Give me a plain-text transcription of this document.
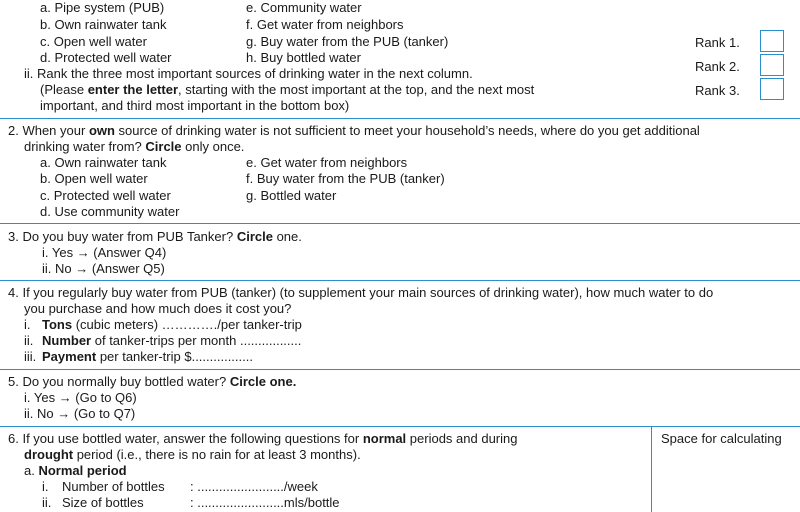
a. Pipe system (PUB)
b. Own rainwater tank
c. Open well water
d. Protected well water
e. Community water
f. Get water from neighbors
g. Buy water from the PUB (tanker)
h. Buy bottled water
ii. Rank the three most important sources of drinking water in the next column.
(Please enter the letter, starting with the most important at the top, and the next most
important, and third most important in the bottom box)
Rank 1.
Rank 2.
Rank 3.
2. When your own source of drinking water is not sufficient to meet your household’s needs, where do you get additional
drinking water from? Circle only once.
a. Own rainwater tank
b. Open well water
c. Protected well water
d. Use community water
e. Get water from neighbors
f. Buy water from the PUB (tanker)
g. Bottled water
3. Do you buy water from PUB Tanker? Circle one.
i. Yes → (Answer Q4)
ii. No → (Answer Q5)
4. If you regularly buy water from PUB (tanker) (to supplement your main sources of drinking water), how much water to do
you purchase and how much does it cost you?
i. Tons (cubic meters) …………./per tanker-trip
ii. Number of tanker-trips per month .................
iii. Payment per tanker-trip $.................
5. Do you normally buy bottled water? Circle one.
i. Yes → (Go to Q6)
ii. No → (Go to Q7)
6. If you use bottled water, answer the following questions for normal periods and during
drought period (i.e., there is no rain for at least 3 months).
a. Normal period
i. Number of bottles : ......................../week
ii. Size of bottles	: ........................mls/bottle
Space for calculating
